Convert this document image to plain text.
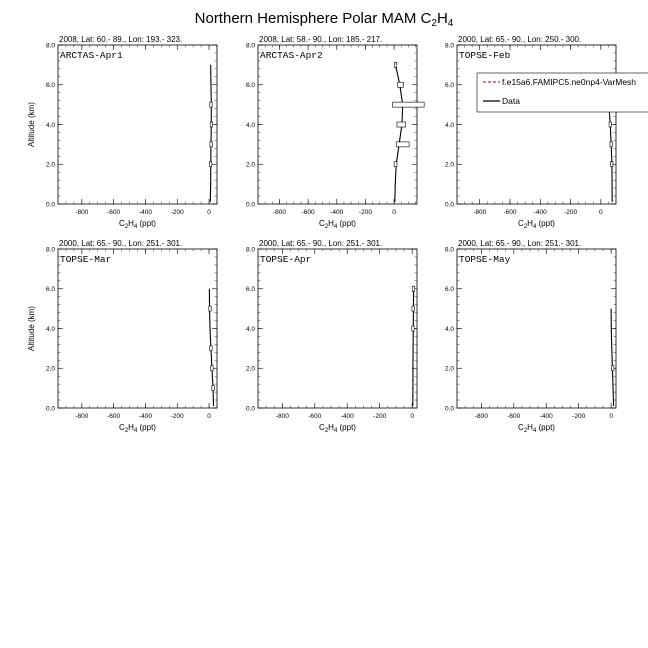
Northern Hemisphere Polar MAM $C_2H_4$
2008, Lat: 60.- 89., Lon: 193.- 323.
ARCTAS-Apr1
0.0
2.0
4.0
6.0
8.0
-800	-600	-400	-200	0
$C_2H_4$ (ppt)
Altitude (km)
2008, Lat: 58.- 90., Lon: 185.- 217.
ARCTAS-Apr2
0.0
2.0
4.0
6.0
8.0
-800 -600 -400 -200	0
$C_2H_4$ (ppt)
2000, Lat: 65.- 90., Lon: 250.- 300.
TOPSE-Feb
0.0
2.0
4.0
6.0
8.0
-800	-600	-400	-200	0
$C_2H_4$ (ppt)
2000, Lat: 65.- 90., Lon: 251.- 301.
TOPSE-Mar
0.0
2.0
4.0
6.0
8.0
-800	-600	-400	-200	0
$C_2H_4$ (ppt)
Altitude (km)
2000, Lat: 65.- 90., Lon: 251.- 301.
TOPSE-Apr
0.0
2.0
4.0
6.0
8.0
-800	-600	-400	-200	0
$C_2H_4$ (ppt)
2000, Lat: 65.- 90., Lon: 251.- 301.
TOPSE-May
0.0
2.0
4.0
6.0
8.0
-800	-600	-400	-200	0
$C_2H_4$ (ppt)
f.e15a6.FAMIPC5.ne0np4-VarMesh
Data
